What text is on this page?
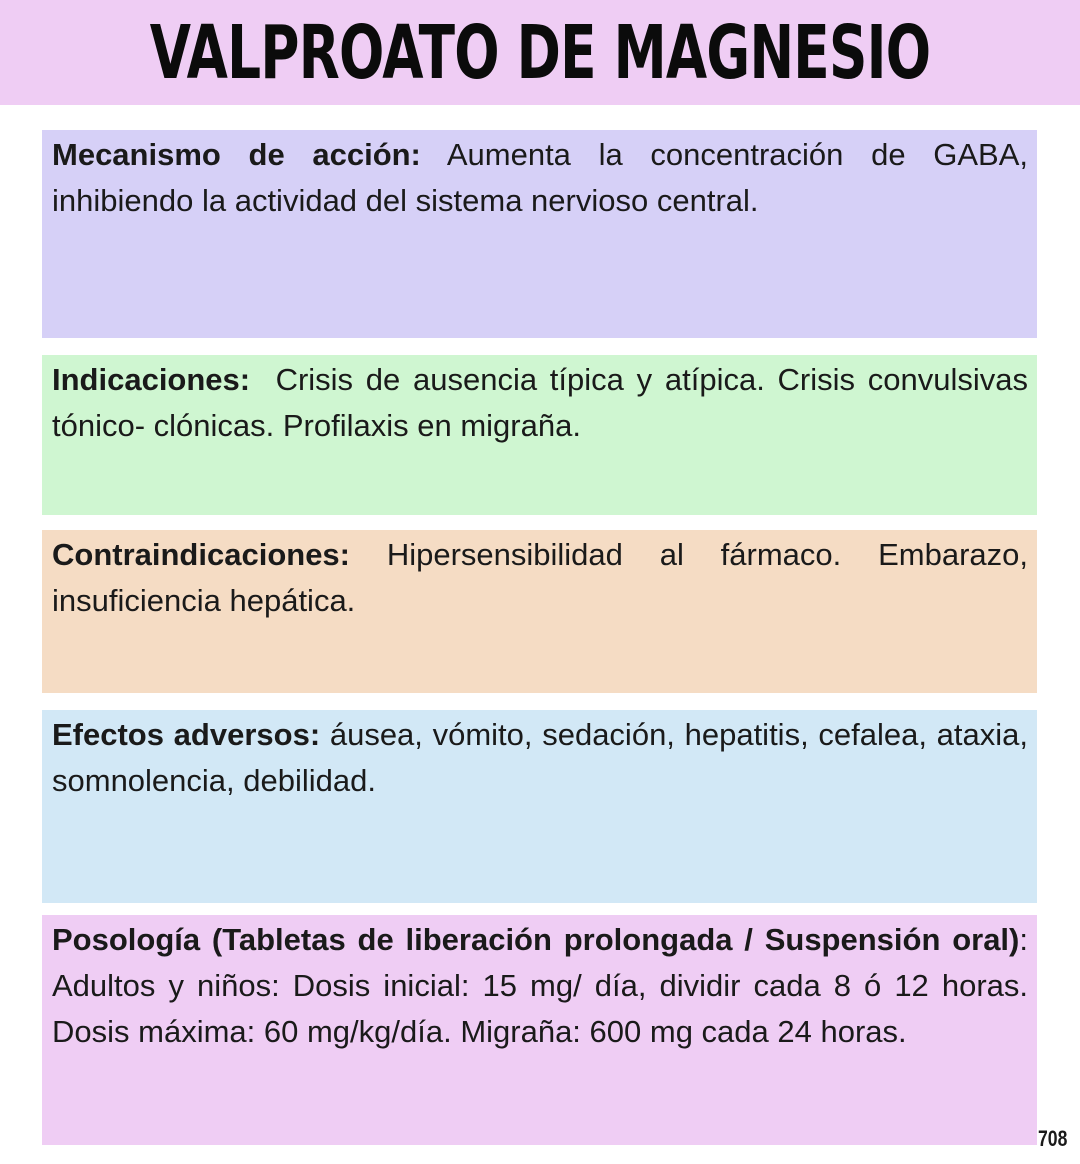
VALPROATO DE MAGNESIO
Mecanismo de acción: Aumenta la concentración de GABA, inhibiendo la actividad del sistema nervioso central.
Indicaciones:  Crisis de ausencia típica y atípica. Crisis convulsivas tónico- clónicas. Profilaxis en migraña.
Contraindicaciones: Hipersensibilidad al fármaco. Embarazo, insuficiencia hepática.
Efectos adversos: áusea, vómito, sedación, hepatitis, cefalea, ataxia, somnolencia, debilidad.
Posología (Tabletas de liberación prolongada / Suspensión oral): Adultos y niños: Dosis inicial: 15 mg/ día, dividir cada 8 ó 12 horas. Dosis máxima: 60 mg/kg/día. Migraña: 600 mg cada 24 horas.
708
